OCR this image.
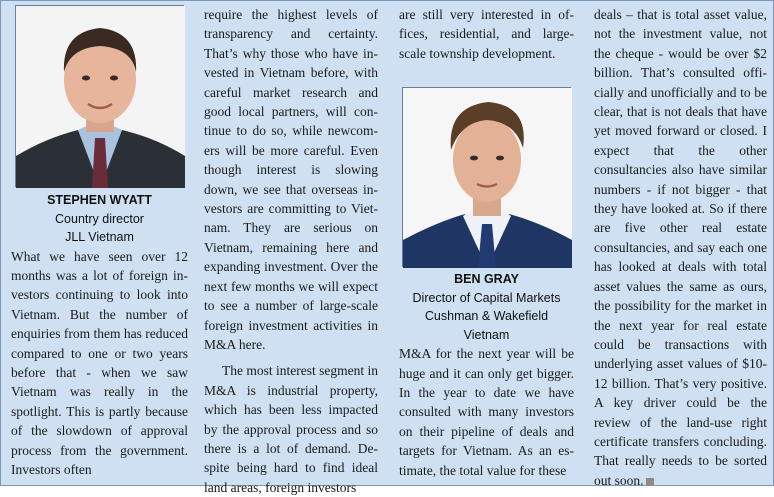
STEPHEN WYATT
Country director
JLL Vietnam

What we have seen over 12 months was a lot of foreign investors continuing to look into Vietnam. But the number of enquiries from them has reduced compared to one or two years before that - when we saw Vietnam was really in the spotlight. This is partly because of the slowdown of approval process from the government. Investors often

require the highest levels of transparency and certainty. That’s why those who have invested in Vietnam before, with careful market research and good local partners, will continue to do so, while newcomers will be more careful. Even though interest is slowing down, we see that overseas investors are committing to Vietnam. They are serious on Vietnam, remaining here and expanding investment. Over the next few months we will expect to see a number of large-scale foreign investment activities in M&A here.

The most interest segment in M&A is industrial property, which has been less impacted by the approval process and so there is a lot of demand. Despite being hard to find ideal land areas, foreign investors

are still very interested in offices, residential, and large-scale township development.

BEN GRAY
Director of Capital Markets
Cushman & Wakefield
Vietnam

M&A for the next year will be huge and it can only get bigger. In the year to date we have consulted with many investors on their pipeline of deals and targets for Vietnam. As an estimate, the total value for these

deals – that is total asset value, not the investment value, not the cheque - would be over $2 billion. That’s consulted officially and unofficially and to be clear, that is not deals that have yet moved forward or closed. I expect that the other consultancies also have similar numbers - if not bigger - that they have looked at. So if there are five other real estate consultancies, and say each one has looked at deals with total asset values the same as ours, the possibility for the market in the next year for real estate could be transactions with underlying asset values of $10-12 billion. That’s very positive. A key driver could be the review of the land-use right certificate transfers concluding. That really needs to be sorted out soon.
